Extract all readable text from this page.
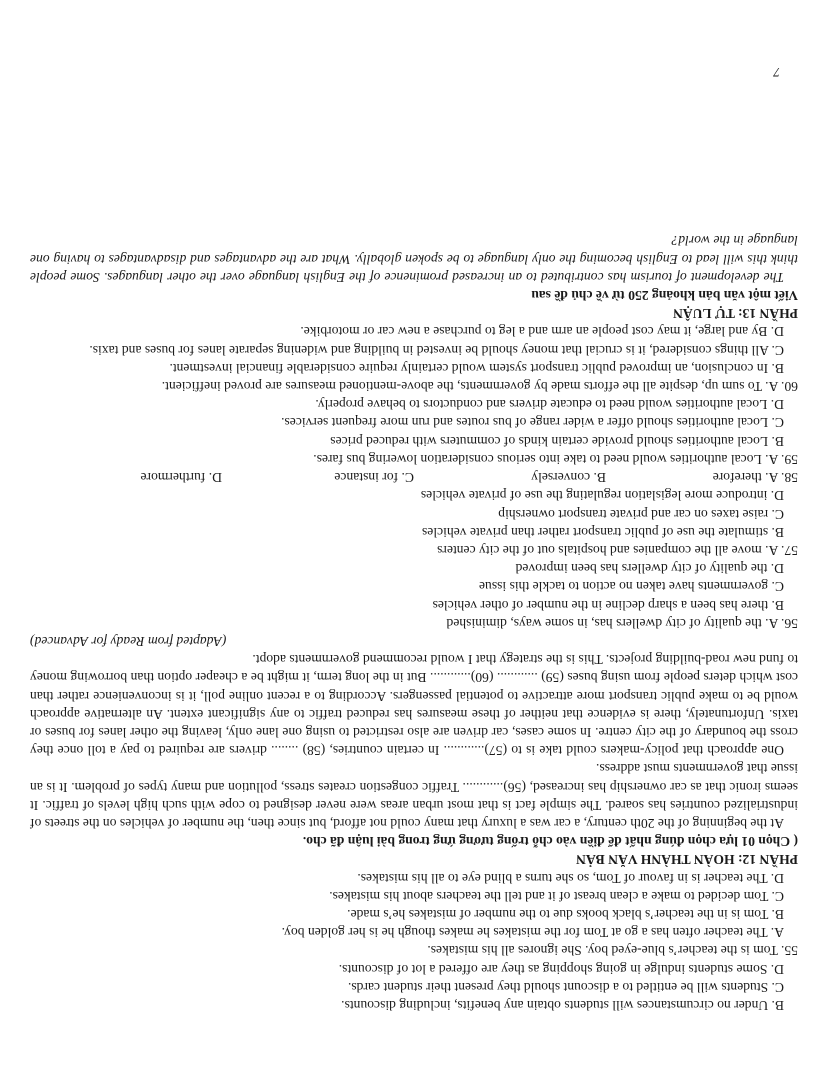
B. Under no circumstances will students obtain any benefits, including discounts.

C. Students will be entitled to a discount should they present their student cards.

D. Some students indulge in going shopping as they are offered a lot of discounts.

55. Tom is the teacher’s blue-eyed boy. She ignores all his mistakes.

A. The teacher often has a go at Tom for the mistakes he makes though he is her golden boy.

B. Tom is in the teacher’s black books due to the number of mistakes he’s made.

C. Tom decided to make a clean breast of it and tell the teachers about his mistakes.

D. The teacher is in favour of Tom, so she turns a blind eye to all his mistakes.

PHẦN 12: HOÀN THÀNH VĂN BẢN

( Chọn 01 lựa chọn đúng nhất để điền vào chỗ trống tương ứng trong bài luận đã cho.

At the beginning of the 20th century, a car was a luxury that many could not afford, but since then, the number of vehicles on the streets of industrialized countries has soared. The simple fact is that most urban areas were never designed to cope with such high levels of traffic. It seems ironic that as car ownership has increased, (56)............ Traffic congestion creates stress, pollution and many types of problem. It is an issue that governments must address.

One approach that policy-makers could take is to (57)............ In certain countries, (58) ........ drivers are required to pay a toll once they cross the boundary of the city centre. In some cases, car driven are also restricted to using one lane only, leaving the other lanes for buses or taxis. Unfortunately, there is evidence that neither of these measures has reduced traffic to any significant extent. An alternative approach would be to make public transport more attractive to potential passengers. According to a recent online poll, it is inconvenience rather than cost which deters people from using buses (59) ............ (60)............ But in the long term, it might be a cheaper option than borrowing money to fund new road-building projects. This is the strategy that I would recommend governments adopt.

(Adapted from Ready for Advanced)

56. A. the quality of city dwellers has, in some ways, diminished

B. there has been a sharp decline in the number of other vehicles

C. governments have taken no action to tackle this issue

D. the quality of city dwellers has been improved

57. A. move all the companies and hospitals out of the city centers

B. stimulate the use of public transport rather than private vehicles

C. raise taxes on car and private transport ownership

D. introduce more legislation regulating the use of private vehicles

58. A. therefore
B. conversely
C. for instance
D. furthermore

59. A. Local authorities would need to take into serious consideration lowering bus fares.

B. Local authorities should provide certain kinds of commuters with reduced prices

C. Local authorities should offer a wider range of bus routes and run more frequent services.

D. Local authorities would need to educate drivers and conductors to behave properly.

60. A. To sum up, despite all the efforts made by governments, the above-mentioned measures are proved inefficient.

B. In conclusion, an improved public transport system would certainly require considerable financial investment.

C. All things considered, it is crucial that money should be invested in building and widening separate lanes for buses and taxis.

D. By and large, it may cost people an arm and a leg to purchase a new car or motorbike.

PHẦN 13: TỰ LUẬN

Viết một văn bản khoảng 250 từ về chủ đề sau

The development of tourism has contributed to an increased prominence of the English language over the other languages. Some people think this will lead to English becoming the only language to be spoken globally. What are the advantages and disadvantages to having one language in the world?

7
